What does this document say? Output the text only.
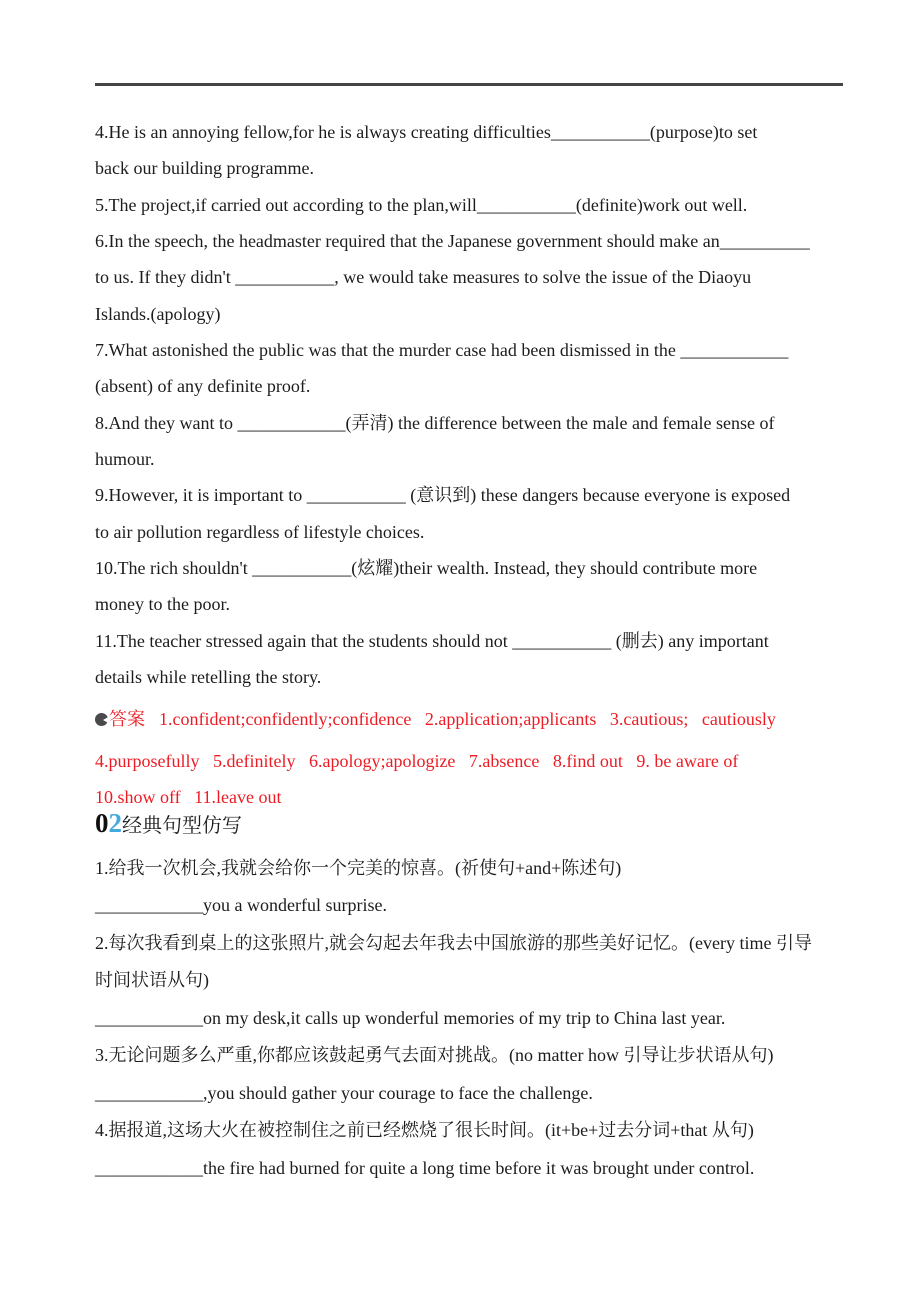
4.He is an annoying fellow,for he is always creating difficulties___________(purpose)to set
back our building programme.
5.The project,if carried out according to the plan,will___________(definite)work out well.
6.In the speech, the headmaster required that the Japanese government should make an__________
to us. If they didn't ___________, we would take measures to solve the issue of the Diaoyu
Islands.(apology)
7.What astonished the public was that the murder case had been dismissed in the ____________
(absent) of any definite proof.
8.And they want to ____________(弄清) the difference between the male and female sense of
humour.
9.However, it is important to ___________ (意识到) these dangers because everyone is exposed
to air pollution regardless of lifestyle choices.
10.The rich shouldn't ___________(炫耀)their wealth. Instead, they should contribute more
money to the poor.
11.The teacher stressed again that the students should not ___________ (删去) any important
details while retelling the story.
答案 1.confident;confidently;confidence   2.application;applicants   3.cautious;   cautiously
4.purposefully   5.definitely   6.apology;apologize   7.absence   8.find out   9. be aware of
10.show off   11.leave out
0 2 经典句型仿写
1.给我一次机会,我就会给你一个完美的惊喜。(祈使句+and+陈述句)
____________you a wonderful surprise.
2.每次我看到桌上的这张照片,就会勾起去年我去中国旅游的那些美好记忆。(every time 引导
时间状语从句)
____________on my desk,it calls up wonderful memories of my trip to China last year.
3.无论问题多么严重,你都应该鼓起勇气去面对挑战。(no matter how 引导让步状语从句)
____________,you should gather your courage to face the challenge.
4.据报道,这场大火在被控制住之前已经燃烧了很长时间。(it+be+过去分词+that 从句)
____________the fire had burned for quite a long time before it was brought under control.
